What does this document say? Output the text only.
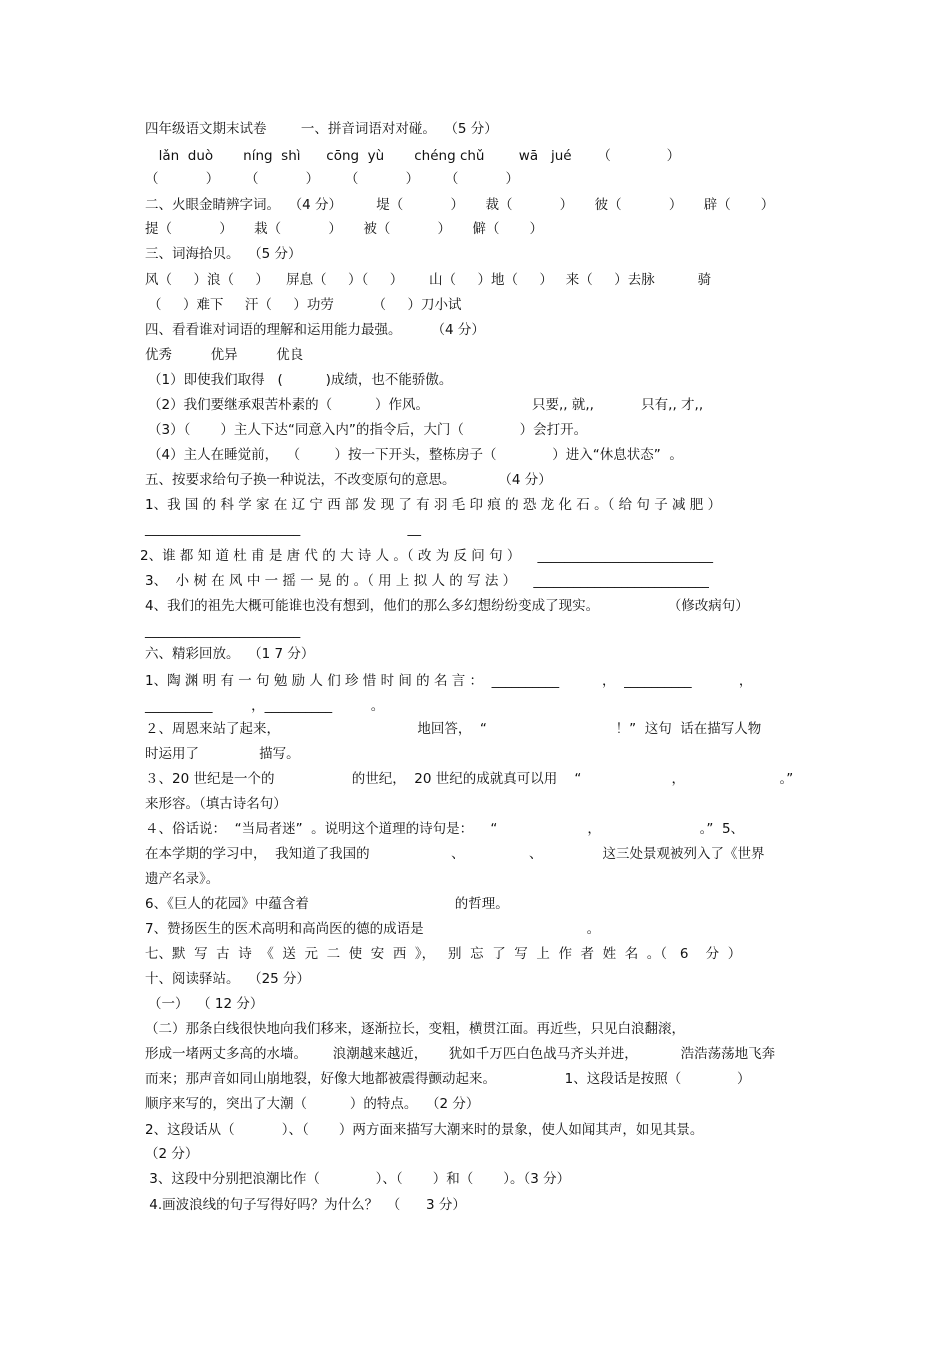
四年级语文期末试卷        一、拼音词语对对碰。  （5 分）
lǎn  duò       níng  shì      cōng  yù       chéng chǔ        wā   jué      （             ）
（           ）      （           ）      （           ）      （           ）
二、火眼金睛辨字词。  （4 分）        堤（           ）     裁（           ）     彼（           ）     辟（       ）
提（           ）     栽（           ）     被（           ）     僻（       ）
三、词海拾贝。  （5 分）
风（     ）浪（     ）    屏息（     ）（     ）      山（     ）地（     ）   来（     ）去脉          骑
（     ）难下     汗（     ）功劳         （     ）刀小试
四、看看谁对词语的理解和运用能力最强。       （4 分）
优秀         优异         优良
（1）即使我们取得   (          )成绩，也不能骄傲。
（2）我们要继承艰苦朴素的（          ）作风。                        只要,, 就,,           只有,, 才,,
（3）（       ）主人下达“同意入内”的指令后，大门（             ）会打开。
（4）主人在睡觉前，  （        ）按一下开头，整栋房子（             ）进入“休息状态”  。
五、按要求给句子换一种说法，不改变原句的意思。          （4 分）
1、我 国 的 科 学 家 在 辽 宁 西 部 发 现 了 有 羽 毛 印 痕 的 恐 龙 化 石 。（ 给 句 子 减 肥 ）
_______________________                         __
2、谁 都 知 道 杜 甫 是 唐 代 的 大 诗 人 。（ 改 为 反 问 句 ）    __________________________
3、  小 树 在 风 中 一 摇 一 晃 的 。（ 用 上 拟 人 的 写 法 ）    __________________________
4、我们的祖先大概可能谁也没有想到，他们的那么多幻想纷纷变成了现实。                （修改病句）
_______________________
六、精彩回放。  （1 7 分）
1、陶 渊 明 有 一 句 勉 励 人 们 珍 惜 时 间 的 名 言 ：  __________          ，  __________           ，
__________         ，__________         。
２、周恩来站了起来，                                地回答，  “                              ！”  这句  话在描写人物
时运用了              描写。
３、20 世纪是一个的                  的世纪，  20 世纪的成就真可以用    “                     ，                      。”
来形容。（填古诗名句）
４、俗话说：  “当局者迷”  。说明这个道理的诗句是：    “                     ，                       。”  5、
在本学期的学习中，  我知道了我国的                   、               、              这三处景观被列入了《世界
遗产名录》。
6、《巨人的花园》中蕴含着                                  的哲理。
7、赞扬医生的医术高明和高尚医的德的成语是                                      。
七、默  写  古  诗  《  送  元  二  使  安  西  》，   别  忘  了  写  上  作  者  姓  名  。（   6    分  ）
十、阅读驿站。  （25 分）
（一）  （ 12 分）
（二）那条白线很快地向我们移来，逐渐拉长，变粗，横贯江面。再近些，只见白浪翻滚，
形成一堵两丈多高的水墙。      浪潮越来越近，     犹如千万匹白色战马齐头并进，          浩浩荡荡地飞奔
而来；那声音如同山崩地裂，好像大地都被震得颤动起来。                1、这段话是按照（             ）
顺序来写的，突出了大潮（          ）的特点。  （2 分）
2、这段话从（           ）、（       ）两方面来描写大潮来时的景象，使人如闻其声，如见其景。
（2 分）
3、这段中分别把浪潮比作（             ）、（       ）和（       ）。（3 分）
4.画波浪线的句子写得好吗？为什么？  （      3 分）
